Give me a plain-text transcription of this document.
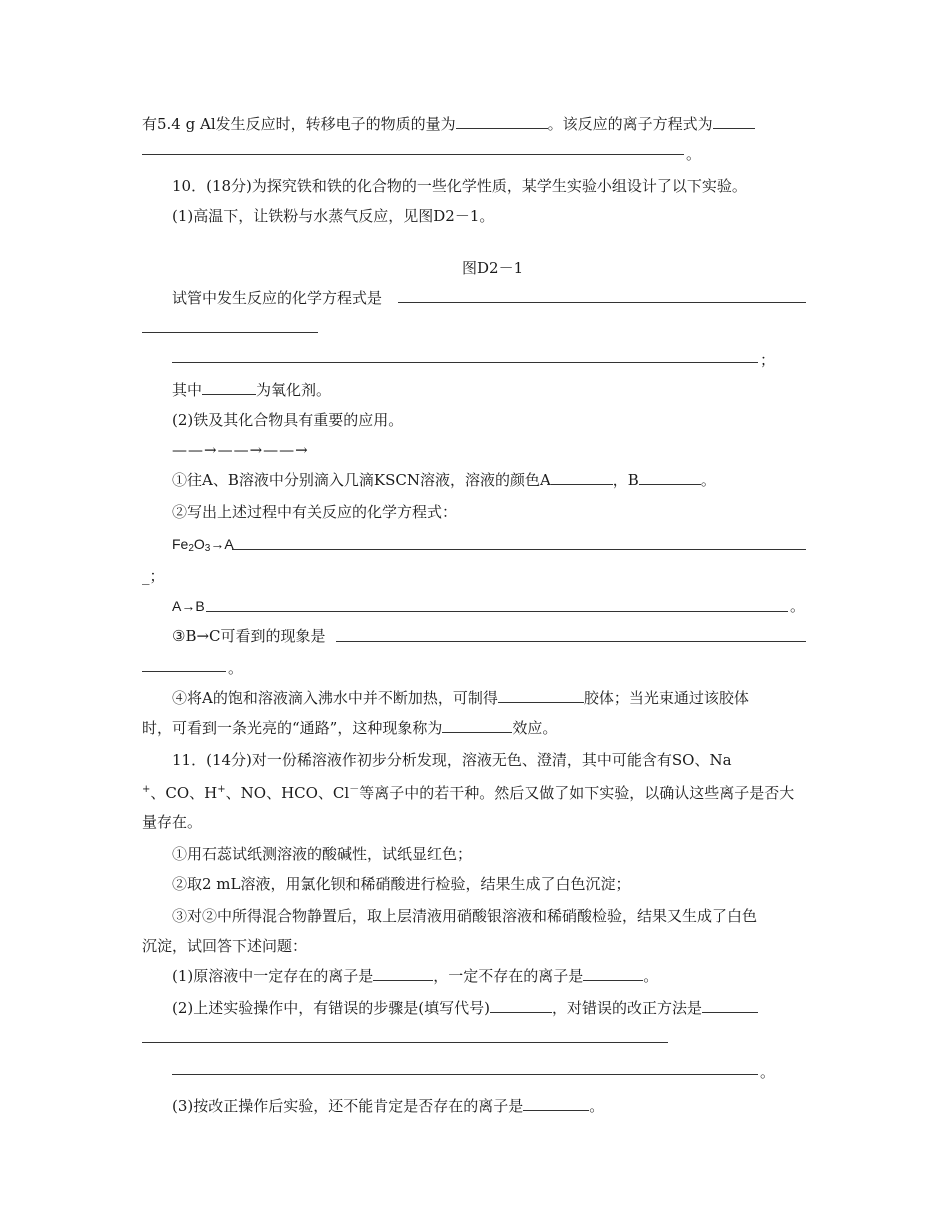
有5.4 g Al发生反应时，转移电子的物质的量为	。该反应的离子方程式为
。
10．(18分)为探究铁和铁的化合物的一些化学性质，某学生实验小组设计了以下实验。
(1)高温下，让铁粉与水蒸气反应，见图D2－1。
图D2－1
试管中发生反应的化学方程式是
；
其中	为氧化剂。
(2)铁及其化合物具有重要的应用。
——→——→——→
①往A、B溶液中分别滴入几滴KSCN溶液，溶液的颜色A	，B	。
②写出上述过程中有关反应的化学方程式：
$Fe_2O_3\to A$
_；
A→B	。
③B→C可看到的现象是
。
④将A的饱和溶液滴入沸水中并不断加热，可制得	胶体；当光束通过该胶体
时，可看到一条光亮的“通路”，这种现象称为	效应。
11．(14分)对一份稀溶液作初步分析发现，溶液无色、澄清，其中可能含有SO、Na
+、CO、H+、NO、HCO、Cl－等离子中的若干种。然后又做了如下实验，以确认这些离子是否大
量存在。
①用石蕊试纸测溶液的酸碱性，试纸显红色；
②取2 mL溶液，用氯化钡和稀硝酸进行检验，结果生成了白色沉淀；
③对②中所得混合物静置后，取上层清液用硝酸银溶液和稀硝酸检验，结果又生成了白色
沉淀，试回答下述问题：
(1)原溶液中一定存在的离子是	，一定不存在的离子是	。
(2)上述实验操作中，有错误的步骤是(填写代号)	，对错误的改正方法是
。
(3)按改正操作后实验，还不能肯定是否存在的离子是	。
